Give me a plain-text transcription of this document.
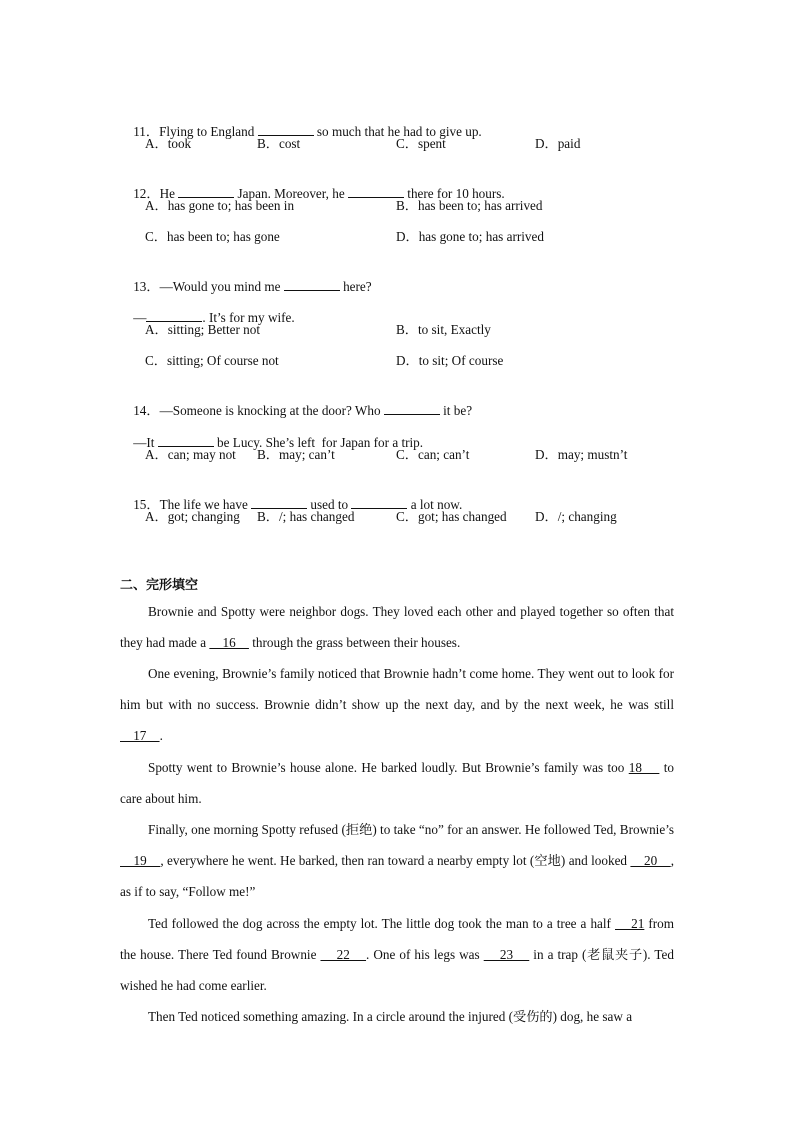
11．Flying to England	so much that he had to give up.

A．took	B．cost	C．spent	D．paid

12．He	Japan. Moreover, he	there for 10 hours.

A．has gone to; has been in	B．has been to; has arrived
C．has been to; has gone	D．has gone to; has arrived

13．—Would you mind me	here?

—	. It’s for my wife.

A．sitting; Better not	B．to sit, Exactly
C．sitting; Of course not	D．to sit; Of course

14．—Someone is knocking at the door? Who	it be?

—It	be Lucy. She’s left  for Japan for a trip.

A．can; may not B．may; can’t	C．can; can’t	D．may; mustn’t

15．The life we have	used to	a lot now.

A．got; changing B．/; has changed	C．got; has changed D．/; changing
二、完形填空
Brownie and Spotty were neighbor dogs. They loved each other and played together so often that they had made a     16     through the grass between their houses.
One evening, Brownie’s family noticed that Brownie hadn’t come home. They went out to look for him but with no success. Brownie didn’t show up the next day, and by the next week, he was still     17    .
Spotty went to Brownie’s house alone. He barked loudly. But Brownie’s family was too 18     to care about him.
Finally, one morning Spotty refused (拒绝) to take “no” for an answer. He followed Ted, Brownie’s     19    , everywhere he went. He barked, then ran toward a nearby empty lot (空地) and looked     20    , as if to say, “Follow me!”
Ted followed the dog across the empty lot. The little dog took the man to a tree a half     21 from the house. There Ted found Brownie     22    . One of his legs was     23     in a trap (老鼠夹子). Ted wished he had come earlier.
Then Ted noticed something amazing. In a circle around the injured (受伤的) dog, he saw a
